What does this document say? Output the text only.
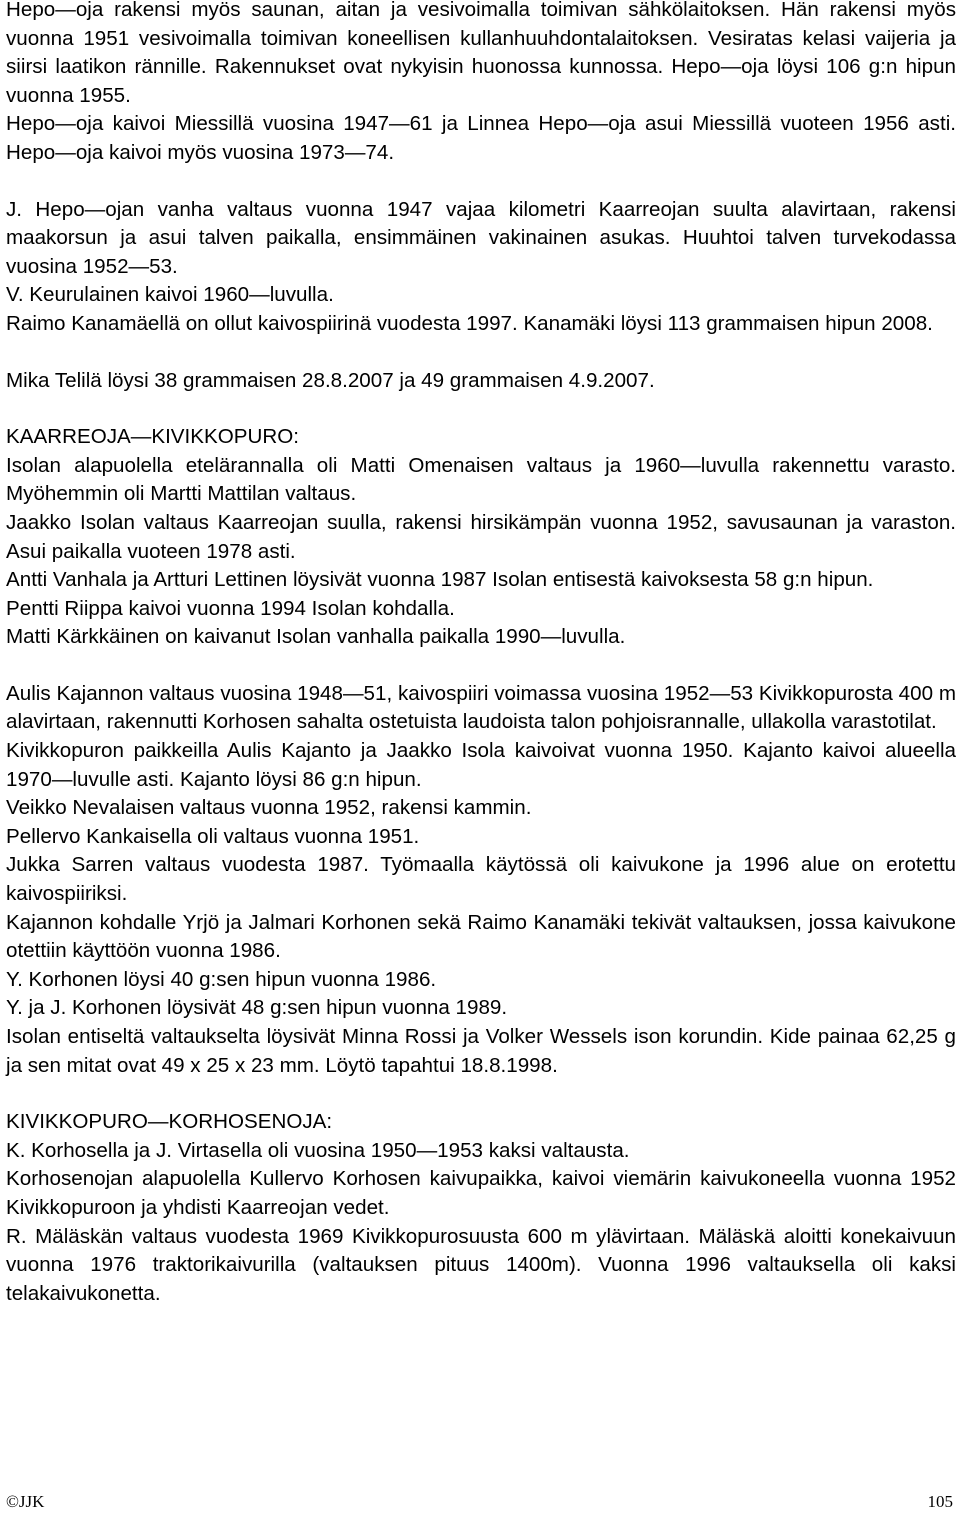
Hepo—oja rakensi myös saunan, aitan ja vesivoimalla toimivan sähkölaitoksen. Hän rakensi myös vuonna 1951 vesivoimalla toimivan koneellisen kullanhuuhdontalaitoksen. Vesiratas kelasi vaijeria ja siirsi laatikon rännille. Rakennukset ovat nykyisin huonossa kunnossa. Hepo—oja löysi 106 g:n hipun vuonna 1955.

Hepo—oja kaivoi Miessillä vuosina 1947—61 ja Linnea Hepo—oja asui Miessillä vuoteen 1956 asti. Hepo—oja kaivoi myös vuosina 1973—74.

J. Hepo—ojan vanha valtaus vuonna 1947 vajaa kilometri Kaarreojan suulta alavirtaan, rakensi maakorsun ja asui talven paikalla, ensimmäinen vakinainen asukas. Huuhtoi talven turvekodassa vuosina 1952—53.

V. Keurulainen kaivoi 1960—luvulla.

Raimo Kanamäellä on ollut kaivospiirinä vuodesta 1997. Kanamäki löysi 113 grammaisen hipun 2008.

Mika Telilä löysi 38 grammaisen 28.8.2007 ja 49 grammaisen 4.9.2007.

KAARREOJA—KIVIKKOPURO:

Isolan alapuolella etelärannalla oli Matti Omenaisen valtaus ja 1960—luvulla rakennettu varasto. Myöhemmin oli Martti Mattilan valtaus.

Jaakko Isolan valtaus Kaarreojan suulla, rakensi hirsikämpän vuonna 1952, savusaunan ja varaston. Asui paikalla vuoteen 1978 asti.

Antti Vanhala ja Artturi Lettinen löysivät vuonna 1987 Isolan entisestä kaivoksesta 58 g:n hipun.

Pentti Riippa kaivoi vuonna 1994 Isolan kohdalla.

Matti Kärkkäinen on kaivanut Isolan vanhalla paikalla 1990—luvulla.

Aulis Kajannon valtaus vuosina 1948—51, kaivospiiri voimassa vuosina 1952—53 Kivikkopurosta 400 m alavirtaan, rakennutti Korhosen sahalta ostetuista laudoista talon pohjoisrannalle, ullakolla varastotilat.

Kivikkopuron paikkeilla Aulis Kajanto ja Jaakko Isola kaivoivat vuonna 1950. Kajanto kaivoi alueella 1970—luvulle asti. Kajanto löysi 86 g:n hipun.

Veikko Nevalaisen valtaus vuonna 1952, rakensi kammin.

Pellervo Kankaisella oli valtaus vuonna 1951.

Jukka Sarren valtaus vuodesta 1987. Työmaalla käytössä oli kaivukone ja 1996 alue on erotettu kaivospiiriksi.

Kajannon kohdalle Yrjö ja Jalmari Korhonen sekä Raimo Kanamäki tekivät valtauksen, jossa kaivukone otettiin käyttöön vuonna 1986.

Y. Korhonen löysi 40 g:sen hipun vuonna 1986.

Y. ja J. Korhonen löysivät 48 g:sen hipun vuonna 1989.

Isolan entiseltä valtaukselta löysivät Minna Rossi ja Volker Wessels ison korundin. Kide painaa 62,25 g ja sen mitat ovat 49 x 25 x 23 mm. Löytö tapahtui 18.8.1998.

KIVIKKOPURO—KORHOSENOJA:

K. Korhosella ja J. Virtasella oli vuosina 1950—1953 kaksi valtausta.

Korhosenojan alapuolella Kullervo Korhosen kaivupaikka, kaivoi viemärin kaivukoneella vuonna 1952 Kivikkopuroon ja yhdisti Kaarreojan vedet.

R. Mäläskän valtaus vuodesta 1969 Kivikkopurosuusta 600 m ylävirtaan. Mäläskä aloitti konekaivuun vuonna 1976 traktorikaivurilla (valtauksen pituus 1400m). Vuonna 1996 valtauksella oli kaksi telakaivukonetta.

©JJK	105
